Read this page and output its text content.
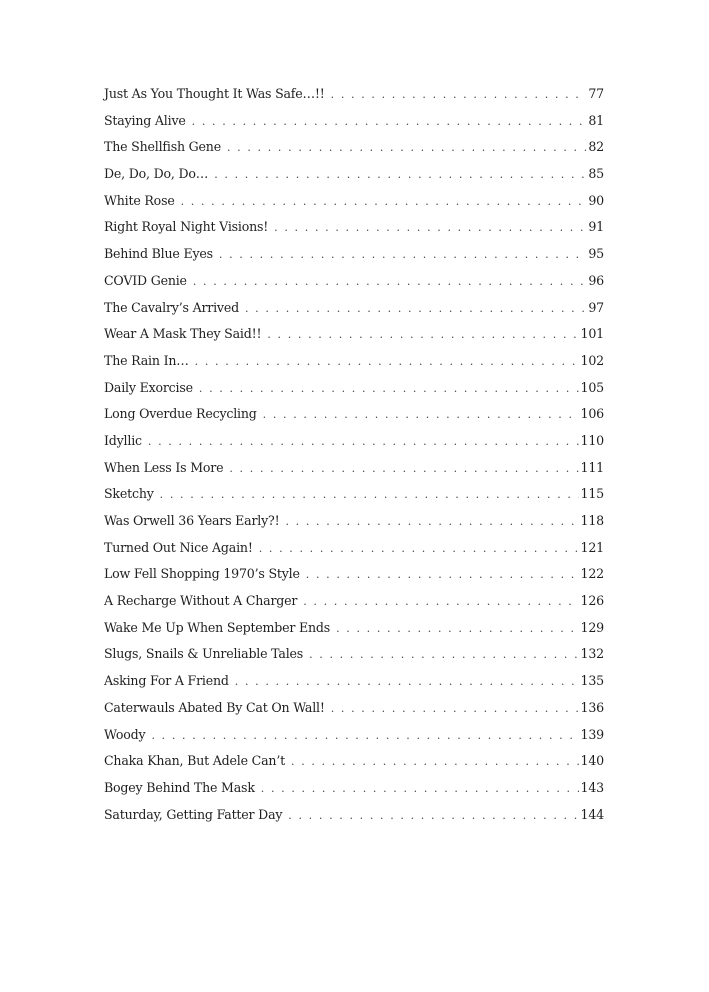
Just As You Thought It Was Safe…!! . . .	77
Staying Alive . . .	81
The Shellfish Gene . . .	82
De, Do, Do, Do… . . .	85
White Rose . . .	90
Right Royal Night Visions! . . .	91
Behind Blue Eyes . . .	95
COVID Genie . . .	96
The Cavalry’s Arrived . . .	97
Wear A Mask They Said!! . . .	101
The Rain In… . . .	102
Daily Exorcise . . .	105
Long Overdue Recycling . . .	106
Idyllic . . .	110
When Less Is More . . .	111
Sketchy . . .	115
Was Orwell 36 Years Early?! . . .	118
Turned Out Nice Again! . . .	121
Low Fell Shopping 1970’s Style . . .	122
A Recharge Without A Charger . . .	126
Wake Me Up When September Ends . . .	129
Slugs, Snails & Unreliable Tales . . .	132
Asking For A Friend . . .	135
Caterwauls Abated By Cat On Wall! . . .	136
Woody . . .	139
Chaka Khan, But Adele Can’t . . .	140
Bogey Behind The Mask . . .	143
Saturday, Getting Fatter Day . . .	144
